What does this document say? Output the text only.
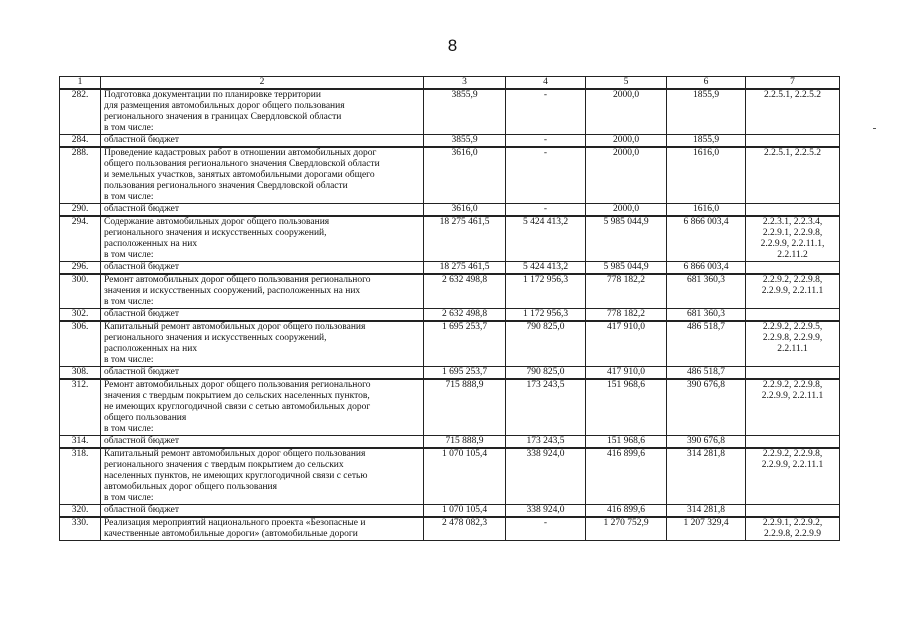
8
1	2	3	4	5	6	7
282.	Подготовка документации по планировке территории
для размещения автомобильных дорог общего пользования
регионального значения в границах Свердловской области
в том числе:	3855,9	-	2000,0	1855,9	2.2.5.1, 2.2.5.2

284.	областной бюджет	3855,9	-	2000,0	1855,9	

288.	Проведение кадастровых работ в отношении автомобильных дорог
общего пользования регионального значения Свердловской области
и земельных участков, занятых автомобильными дорогами общего
пользования регионального значения Свердловской области
в том числе:	3616,0	-	2000,0	1616,0	2.2.5.1, 2.2.5.2

290.	областной бюджет	3616,0	-	2000,0	1616,0	

294.	Содержание автомобильных дорог общего пользования
регионального значения и искусственных сооружений,
расположенных на них
в том числе:	18 275 461,5	5 424 413,2	5 985 044,9	6 866 003,4	2.2.3.1, 2.2.3.4,
2.2.9.1, 2.2.9.8,
2.2.9.9, 2.2.11.1,
2.2.11.2

296.	областной бюджет	18 275 461,5	5 424 413,2	5 985 044,9	6 866 003,4	

300.	Ремонт автомобильных дорог общего пользования регионального
значения и искусственных сооружений, расположенных на них
в том числе:	2 632 498,8	1 172 956,3	778 182,2	681 360,3	2.2.9.2, 2.2.9.8,
2.2.9.9, 2.2.11.1

302.	областной бюджет	2 632 498,8	1 172 956,3	778 182,2	681 360,3	

306.	Капитальный ремонт автомобильных дорог общего пользования
регионального значения и искусственных сооружений,
расположенных на них
в том числе:	1 695 253,7	790 825,0	417 910,0	486 518,7	2.2.9.2, 2.2.9.5,
2.2.9.8, 2.2.9.9,
2.2.11.1

308.	областной бюджет	1 695 253,7	790 825,0	417 910,0	486 518,7	

312.	Ремонт автомобильных дорог общего пользования регионального
значения с твердым покрытием до сельских населенных пунктов,
не имеющих круглогодичной связи с сетью автомобильных дорог
общего пользования
в том числе:	715 888,9	173 243,5	151 968,6	390 676,8	2.2.9.2, 2.2.9.8,
2.2.9.9, 2.2.11.1

314.	областной бюджет	715 888,9	173 243,5	151 968,6	390 676,8	

318.	Капитальный ремонт автомобильных дорог общего пользования
регионального значения с твердым покрытием до сельских
населенных пунктов, не имеющих круглогодичной связи с сетью
автомобильных дорог общего пользования
в том числе:	1 070 105,4	338 924,0	416 899,6	314 281,8	2.2.9.2, 2.2.9.8,
2.2.9.9, 2.2.11.1

320.	областной бюджет	1 070 105,4	338 924,0	416 899,6	314 281,8	

330.	Реализация мероприятий национального проекта «Безопасные и
качественные автомобильные дороги» (автомобильные дороги	2 478 082,3	-	1 270 752,9	1 207 329,4	2.2.9.1, 2.2.9.2,
2.2.9.8, 2.2.9.9
